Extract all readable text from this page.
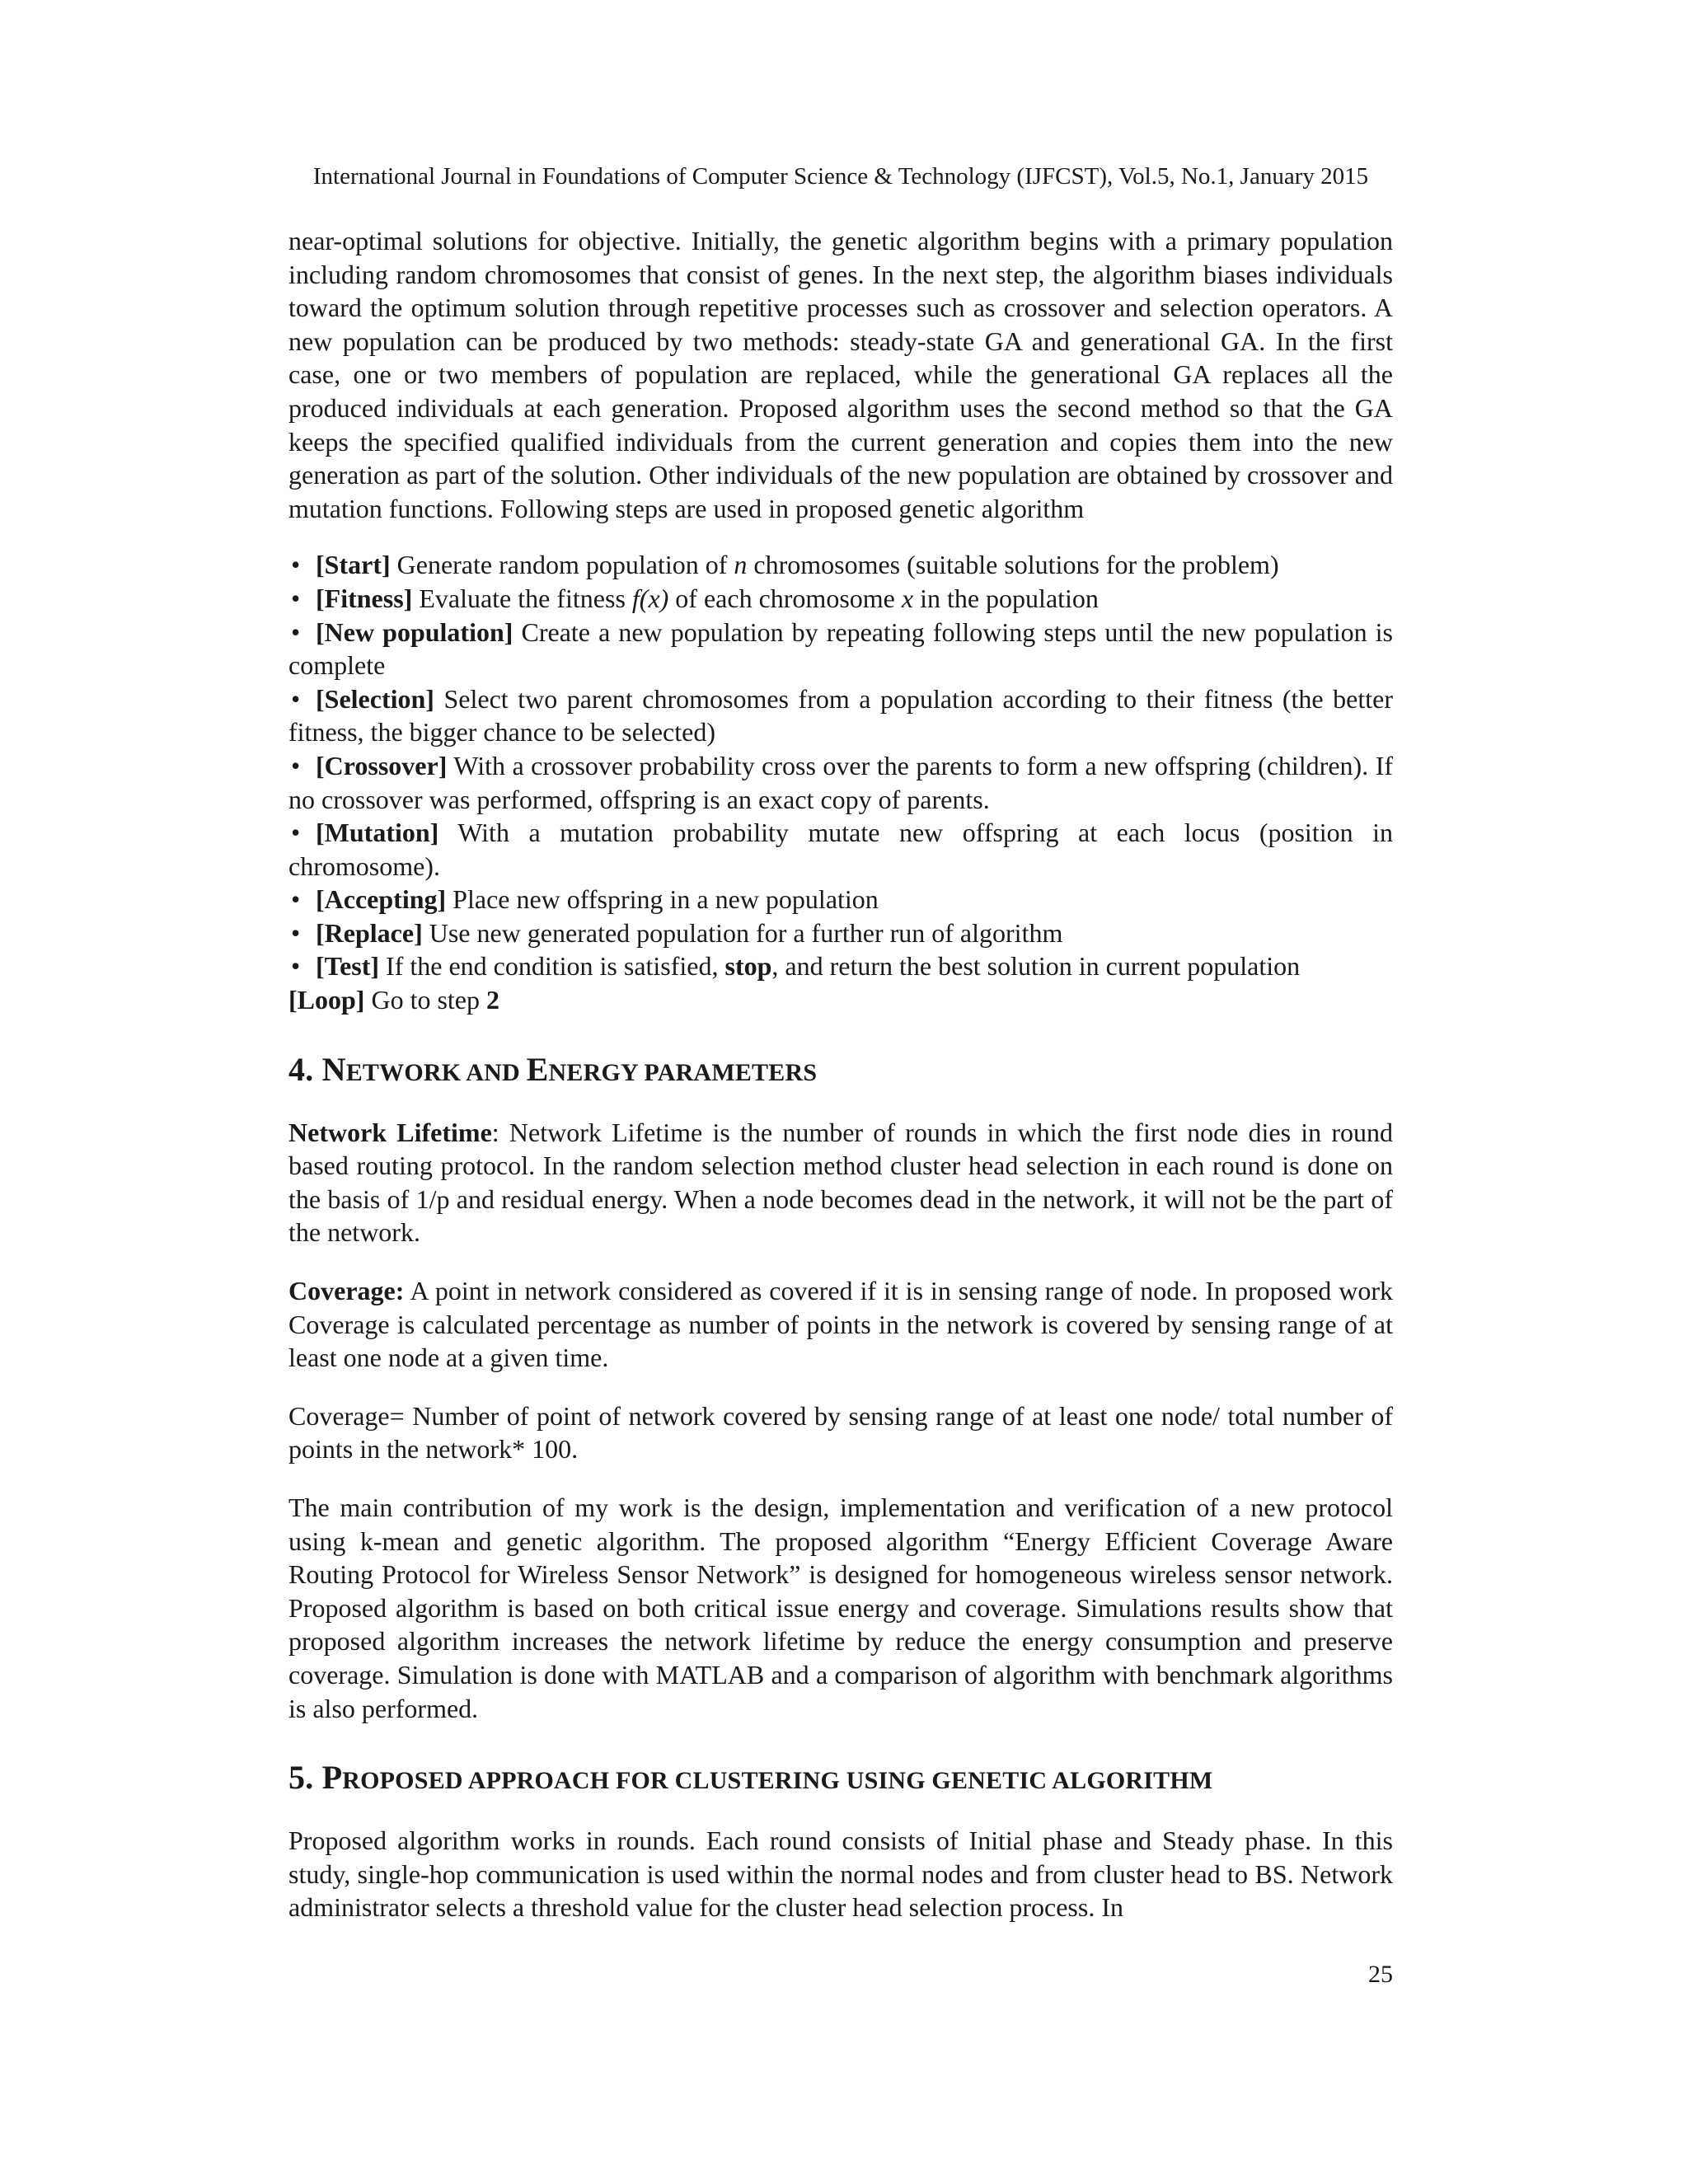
International Journal in Foundations of Computer Science & Technology (IJFCST), Vol.5, No.1, January 2015

near-optimal solutions for objective. Initially, the genetic algorithm begins with a primary population including random chromosomes that consist of genes. In the next step, the algorithm biases individuals toward the optimum solution through repetitive processes such as crossover and selection operators. A new population can be produced by two methods: steady-state GA and generational GA. In the first case, one or two members of population are replaced, while the generational GA replaces all the produced individuals at each generation. Proposed algorithm uses the second method so that the GA keeps the specified qualified individuals from the current generation and copies them into the new generation as part of the solution. Other individuals of the new population are obtained by crossover and mutation functions. Following steps are used in proposed genetic algorithm

• [Start] Generate random population of n chromosomes (suitable solutions for the problem)

• [Fitness] Evaluate the fitness f(x) of each chromosome x in the population

• [New population] Create a new population by repeating following steps until the new population is complete

• [Selection] Select two parent chromosomes from a population according to their fitness (the better fitness, the bigger chance to be selected)

• [Crossover] With a crossover probability cross over the parents to form a new offspring (children). If no crossover was performed, offspring is an exact copy of parents.

• [Mutation] With a mutation probability mutate new offspring at each locus (position in chromosome).

• [Accepting] Place new offspring in a new population

• [Replace] Use new generated population for a further run of algorithm

• [Test] If the end condition is satisfied, stop, and return the best solution in current population

[Loop] Go to step 2

4. NETWORK AND ENERGY PARAMETERS

Network Lifetime: Network Lifetime is the number of rounds in which the first node dies in round based routing protocol. In the random selection method cluster head selection in each round is done on the basis of 1/p and residual energy. When a node becomes dead in the network, it will not be the part of the network.

Coverage: A point in network considered as covered if it is in sensing range of node. In proposed work Coverage is calculated percentage as number of points in the network is covered by sensing range of at least one node at a given time.

Coverage= Number of point of network covered by sensing range of at least one node/ total number of points in the network* 100.

The main contribution of my work is the design, implementation and verification of a new protocol using k-mean and genetic algorithm. The proposed algorithm “Energy Efficient Coverage Aware Routing Protocol for Wireless Sensor Network” is designed for homogeneous wireless sensor network. Proposed algorithm is based on both critical issue energy and coverage. Simulations results show that proposed algorithm increases the network lifetime by reduce the energy consumption and preserve coverage. Simulation is done with MATLAB and a comparison of algorithm with benchmark algorithms is also performed.

5. PROPOSED APPROACH FOR CLUSTERING USING GENETIC ALGORITHM

Proposed algorithm works in rounds. Each round consists of Initial phase and Steady phase. In this study, single-hop communication is used within the normal nodes and from cluster head to BS. Network administrator selects a threshold value for the cluster head selection process. In

25
